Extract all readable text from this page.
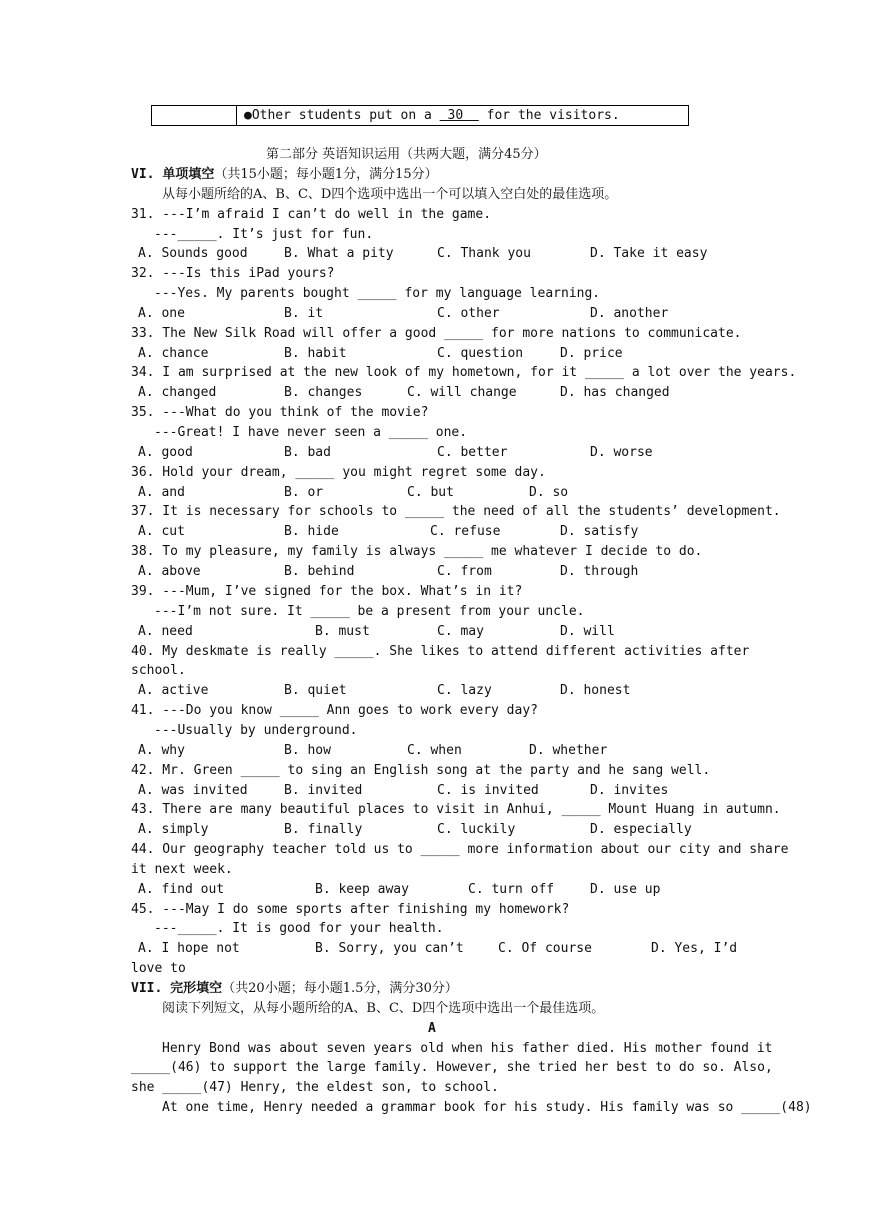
●Other students put on a  30   for the visitors.
第二部分 英语知识运用（共两大题，满分45分）
VI. 单项填空（共15小题；每小题1分，满分15分）
从每小题所给的A、B、C、D四个选项中选出一个可以填入空白处的最佳选项。
31. ---I’m afraid I can’t do well in the game.
---_____. It’s just for fun.
A. Sounds good	B. What a pity	C. Thank you	D. Take it easy
32. ---Is this iPad yours?
---Yes. My parents bought _____ for my language learning.
A. one	B. it	C. other	D. another
33. The New Silk Road will offer a good _____ for more nations to communicate.
A. chance	B. habit	C. question	D. price
34. I am surprised at the new look of my hometown, for it _____ a lot over the years.
A. changed	B. changes	C. will change	D. has changed
35. ---What do you think of the movie?
---Great! I have never seen a _____ one.
A. good	B. bad	C. better	D. worse
36. Hold your dream, _____ you might regret some day.
A. and	B. or	C. but	D. so
37. It is necessary for schools to _____ the need of all the students’ development.
A. cut	B. hide	C. refuse	D. satisfy
38. To my pleasure, my family is always _____ me whatever I decide to do.
A. above	B. behind	C. from	D. through
39. ---Mum, I’ve signed for the box. What’s in it?
---I’m not sure. It _____ be a present from your uncle.
A. need	B. must	C. may	D. will
40. My deskmate is really _____. She likes to attend different activities after
school.
A. active	B. quiet	C. lazy	D. honest
41. ---Do you know _____ Ann goes to work every day?
---Usually by underground.
A. why	B. how	C. when	D. whether
42. Mr. Green _____ to sing an English song at the party and he sang well.
A. was invited	B. invited	C. is invited	D. invites
43. There are many beautiful places to visit in Anhui, _____ Mount Huang in autumn.
A. simply	B. finally	C. luckily	D. especially
44. Our geography teacher told us to _____ more information about our city and share
it next week.
A. find out	B. keep away	C. turn off	D. use up
45. ---May I do some sports after finishing my homework?
---_____. It is good for your health.
A. I hope not	B. Sorry, you can’t	C. Of course	D. Yes, I’d
love to
VII. 完形填空（共20小题；每小题1.5分，满分30分）
阅读下列短文，从每小题所给的A、B、C、D四个选项中选出一个最佳选项。
A
Henry Bond was about seven years old when his father died. His mother found it
_____(46) to support the large family. However, she tried her best to do so. Also,
she _____(47) Henry, the eldest son, to school.
At one time, Henry needed a grammar book for his study. His family was so _____(48)
